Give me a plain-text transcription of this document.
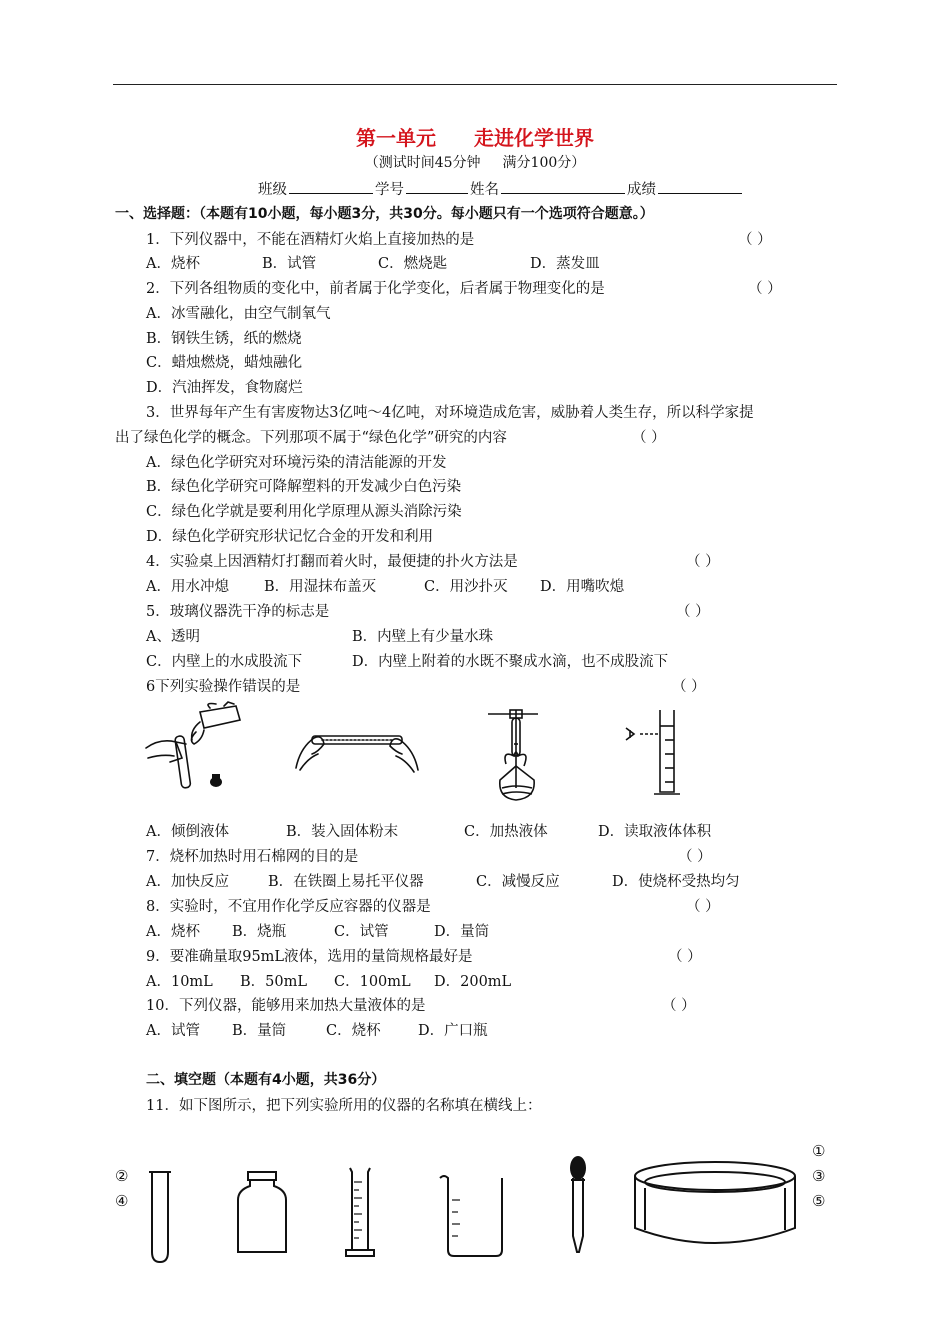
第一单元 走进化学世界
（测试时间45分钟 满分100分）
班级	学号	姓名	成绩
一、选择题：（本题有10小题，每小题3分，共30分。每小题只有一个选项符合题意。）
1．下列仪器中，不能在酒精灯火焰上直接加热的是	（ ）
A．烧杯	B．试管	C．燃烧匙	D．蒸发皿
2．下列各组物质的变化中，前者属于化学变化，后者属于物理变化的是	（ ）
A．冰雪融化，由空气制氧气
B．钢铁生锈，纸的燃烧
C．蜡烛燃烧，蜡烛融化
D．汽油挥发，食物腐烂
3．世界每年产生有害废物达3亿吨～4亿吨，对环境造成危害，威胁着人类生存，所以科学家提
出了绿色化学的概念。下列那项不属于“绿色化学”研究的内容	（ ）
A．绿色化学研究对环境污染的清洁能源的开发
B．绿色化学研究可降解塑料的开发减少白色污染
C．绿色化学就是要利用化学原理从源头消除污染
D．绿色化学研究形状记忆合金的开发和利用
4．实验桌上因酒精灯打翻而着火时，最便捷的扑火方法是	（ ）
A．用水冲熄 B．用湿抹布盖灭	C．用沙扑灭 D．用嘴吹熄
5．玻璃仪器洗干净的标志是	（ ）
A、透明	B．内壁上有少量水珠
C．内壁上的水成股流下	D．内壁上附着的水既不聚成水滴，也不成股流下
6下列实验操作错误的是	（ ）
A．倾倒液体	B．装入固体粉末	C．加热液体	D．读取液体体积
7．烧杯加热时用石棉网的目的是	（ ）
A．加快反应	B．在铁圈上易托平仪器	C．减慢反应	D．使烧杯受热均匀
8．实验时，不宜用作化学反应容器的仪器是	（ ）
A．烧杯 B．烧瓶	C．试管	D．量筒
9．要准确量取95mL液体，选用的量筒规格最好是	（ ）
A．10mL B．50mL C．100mL D．200mL
10．下列仪器，能够用来加热大量液体的是	（ ）
A．试管 B．量筒	C．烧杯	D．广口瓶
二、填空题（本题有4小题，共36分）
11．如下图所示，把下列实验所用的仪器的名称填在横线上：
①
②	③
④	⑤
